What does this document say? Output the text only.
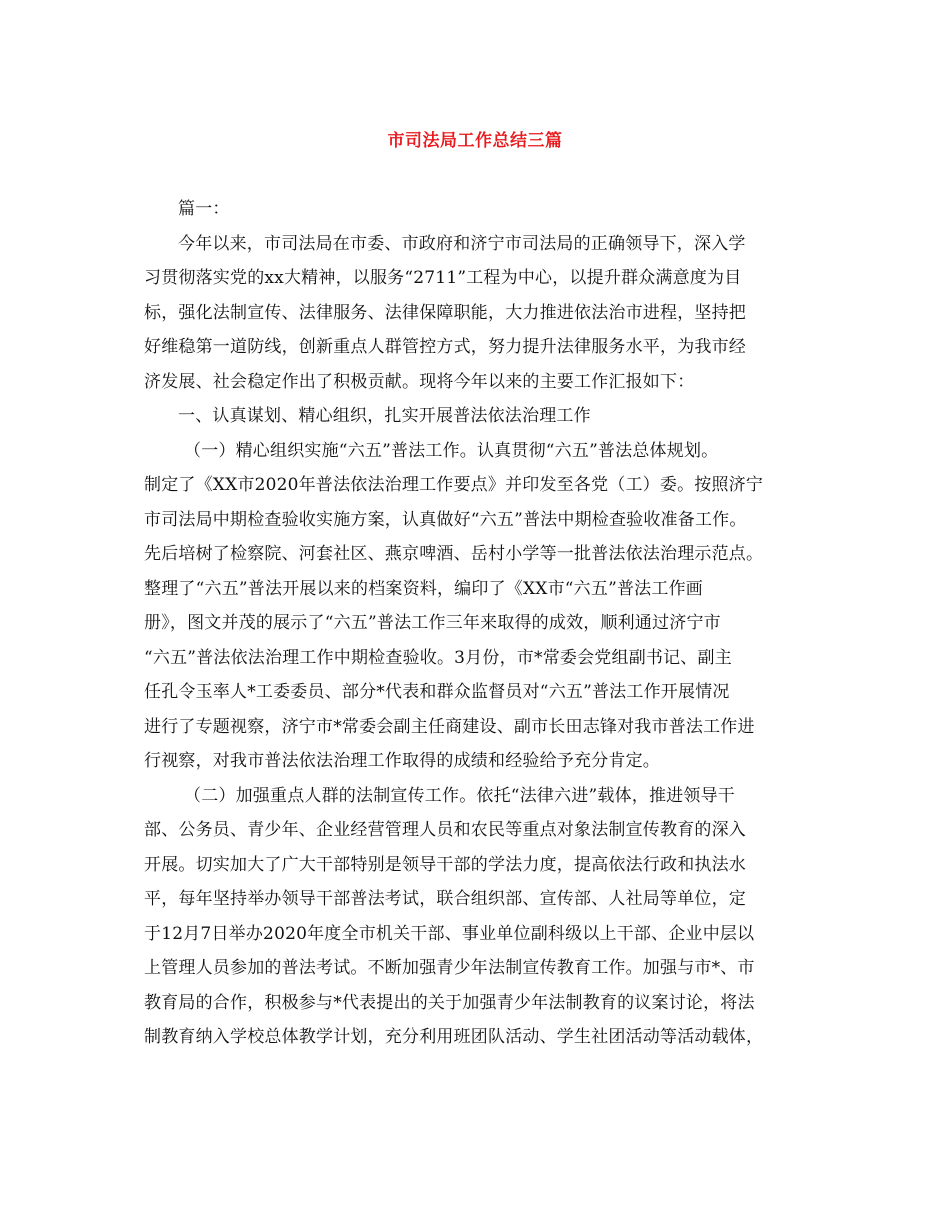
市司法局工作总结三篇
篇一：
今年以来，市司法局在市委、市政府和济宁市司法局的正确领导下，深入学
习贯彻落实党的xx大精神，以服务“2711”工程为中心，以提升群众满意度为目
标，强化法制宣传、法律服务、法律保障职能，大力推进依法治市进程，坚持把
好维稳第一道防线，创新重点人群管控方式，努力提升法律服务水平，为我市经
济发展、社会稳定作出了积极贡献。现将今年以来的主要工作汇报如下：
一、认真谋划、精心组织，扎实开展普法依法治理工作
（一）精心组织实施“六五”普法工作。认真贯彻“六五”普法总体规划。
制定了《XX市2020年普法依法治理工作要点》并印发至各党（工）委。按照济宁
市司法局中期检查验收实施方案，认真做好“六五”普法中期检查验收准备工作。
先后培树了检察院、河套社区、燕京啤酒、岳村小学等一批普法依法治理示范点。
整理了“六五”普法开展以来的档案资料，编印了《XX市“六五”普法工作画
册》，图文并茂的展示了“六五”普法工作三年来取得的成效，顺利通过济宁市
“六五”普法依法治理工作中期检查验收。3月份，市*常委会党组副书记、副主
任孔令玉率人*工委委员、部分*代表和群众监督员对“六五”普法工作开展情况
进行了专题视察，济宁市*常委会副主任商建设、副市长田志锋对我市普法工作进
行视察，对我市普法依法治理工作取得的成绩和经验给予充分肯定。
（二）加强重点人群的法制宣传工作。依托“法律六进”载体，推进领导干
部、公务员、青少年、企业经营管理人员和农民等重点对象法制宣传教育的深入
开展。切实加大了广大干部特别是领导干部的学法力度，提高依法行政和执法水
平，每年坚持举办领导干部普法考试，联合组织部、宣传部、人社局等单位，定
于12月7日举办2020年度全市机关干部、事业单位副科级以上干部、企业中层以
上管理人员参加的普法考试。不断加强青少年法制宣传教育工作。加强与市*、市
教育局的合作，积极参与*代表提出的关于加强青少年法制教育的议案讨论，将法
制教育纳入学校总体教学计划，充分利用班团队活动、学生社团活动等活动载体，
